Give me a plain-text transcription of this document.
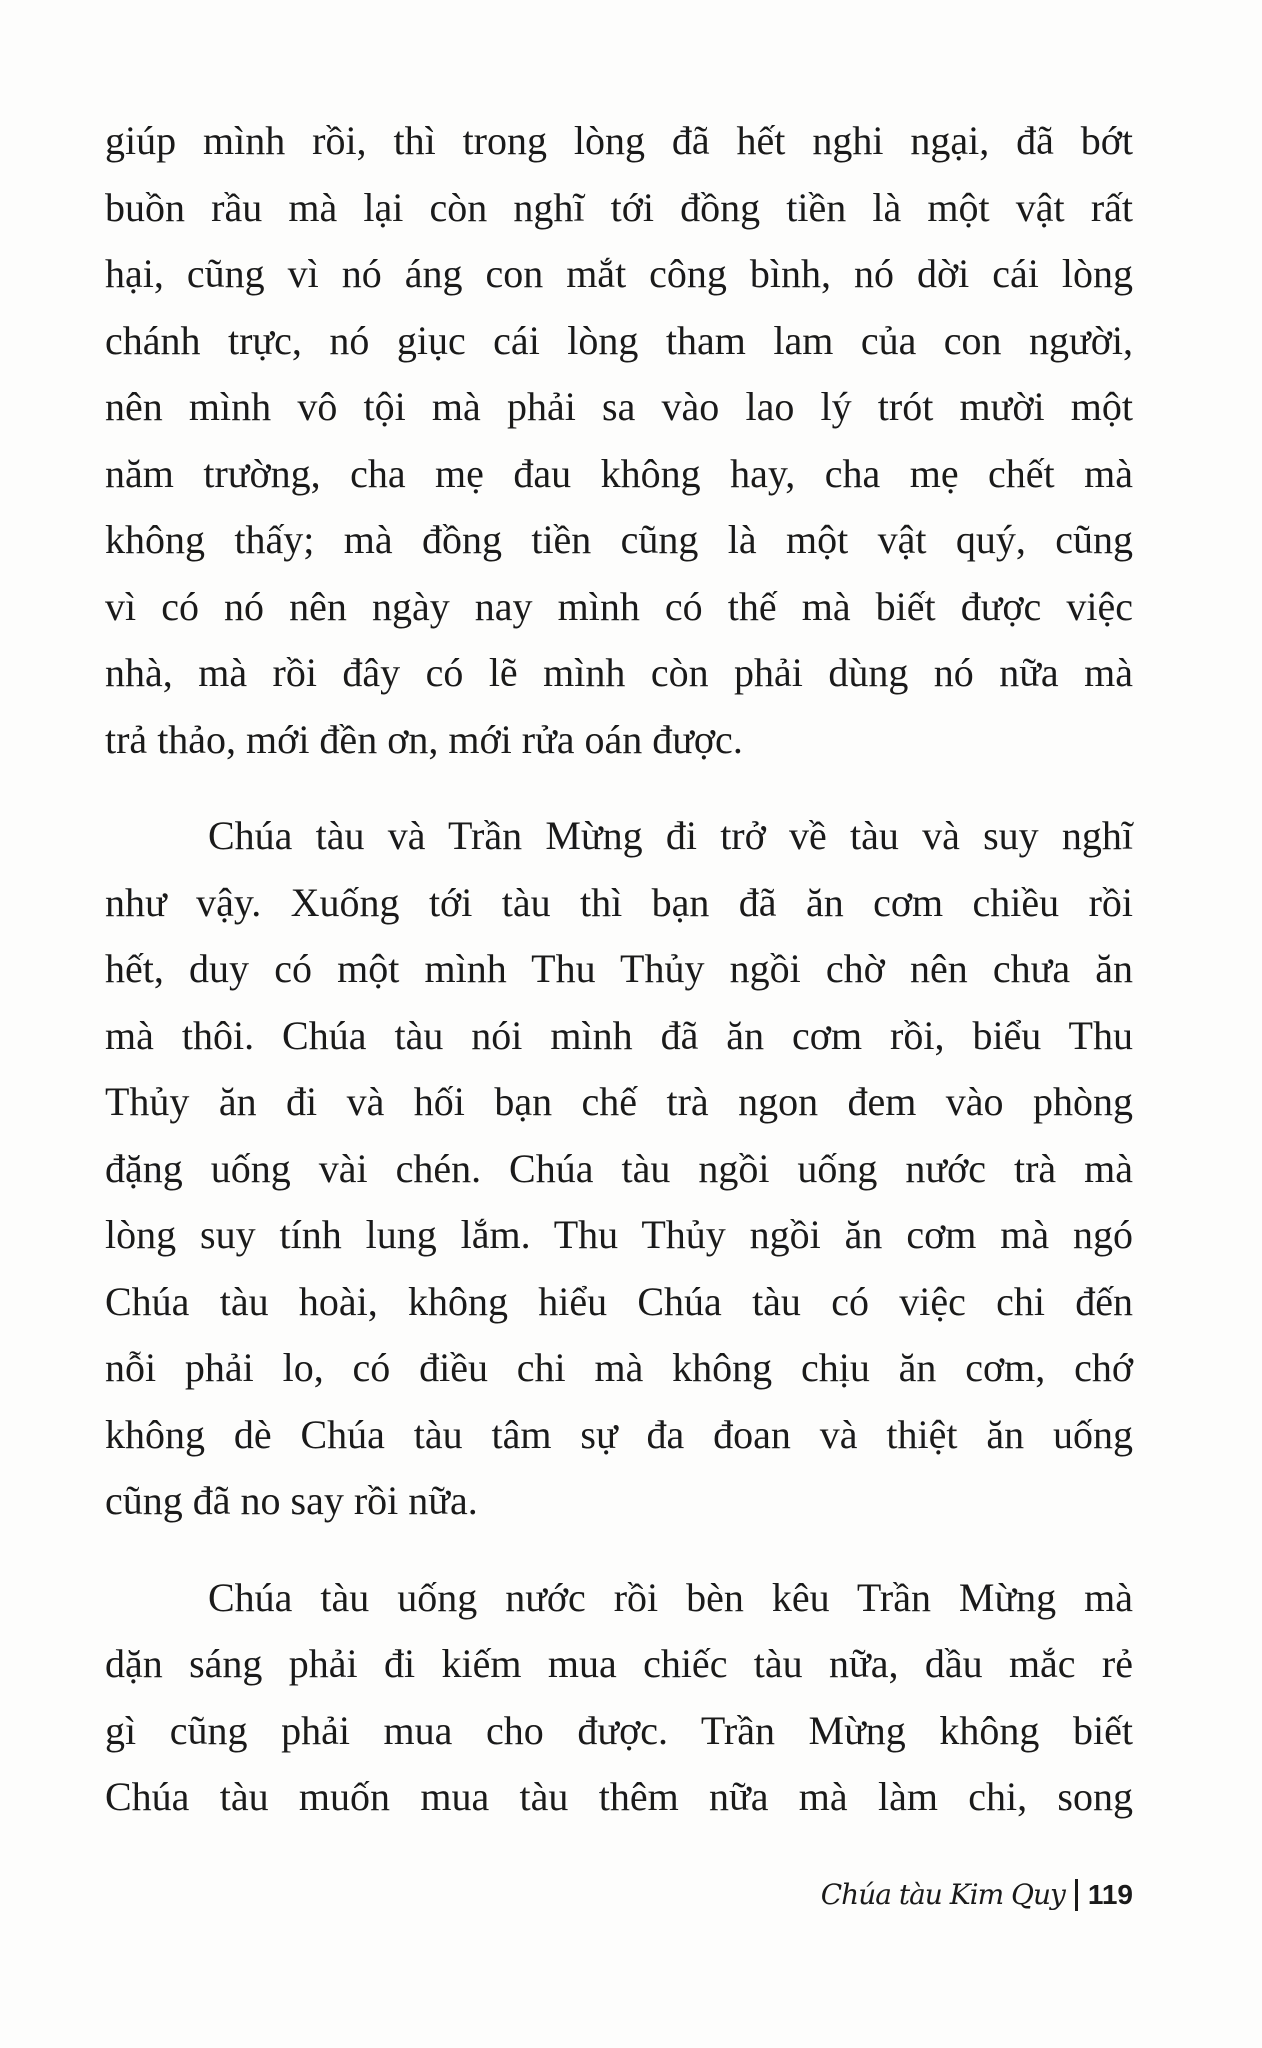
giúp mình rồi, thì trong lòng đã hết nghi ngại, đã bớt
buồn rầu mà lại còn nghĩ tới đồng tiền là một vật rất
hại, cũng vì nó áng con mắt công bình, nó dời cái lòng
chánh trực, nó giục cái lòng tham lam của con người,
nên mình vô tội mà phải sa vào lao lý trót mười một
năm trường, cha mẹ đau không hay, cha mẹ chết mà
không thấy; mà đồng tiền cũng là một vật quý, cũng
vì có nó nên ngày nay mình có thế mà biết được việc
nhà, mà rồi đây có lẽ mình còn phải dùng nó nữa mà
trả thảo, mới đền ơn, mới rửa oán được.
Chúa tàu và Trần Mừng đi trở về tàu và suy nghĩ
như vậy. Xuống tới tàu thì bạn đã ăn cơm chiều rồi
hết, duy có một mình Thu Thủy ngồi chờ nên chưa ăn
mà thôi. Chúa tàu nói mình đã ăn cơm rồi, biểu Thu
Thủy ăn đi và hối bạn chế trà ngon đem vào phòng
đặng uống vài chén. Chúa tàu ngồi uống nước trà mà
lòng suy tính lung lắm. Thu Thủy ngồi ăn cơm mà ngó
Chúa tàu hoài, không hiểu Chúa tàu có việc chi đến
nỗi phải lo, có điều chi mà không chịu ăn cơm, chớ
không dè Chúa tàu tâm sự đa đoan và thiệt ăn uống
cũng đã no say rồi nữa.
Chúa tàu uống nước rồi bèn kêu Trần Mừng mà
dặn sáng phải đi kiếm mua chiếc tàu nữa, dầu mắc rẻ
gì cũng phải mua cho được. Trần Mừng không biết
Chúa tàu muốn mua tàu thêm nữa mà làm chi, song
Chúa tàu Kim Quy 119
